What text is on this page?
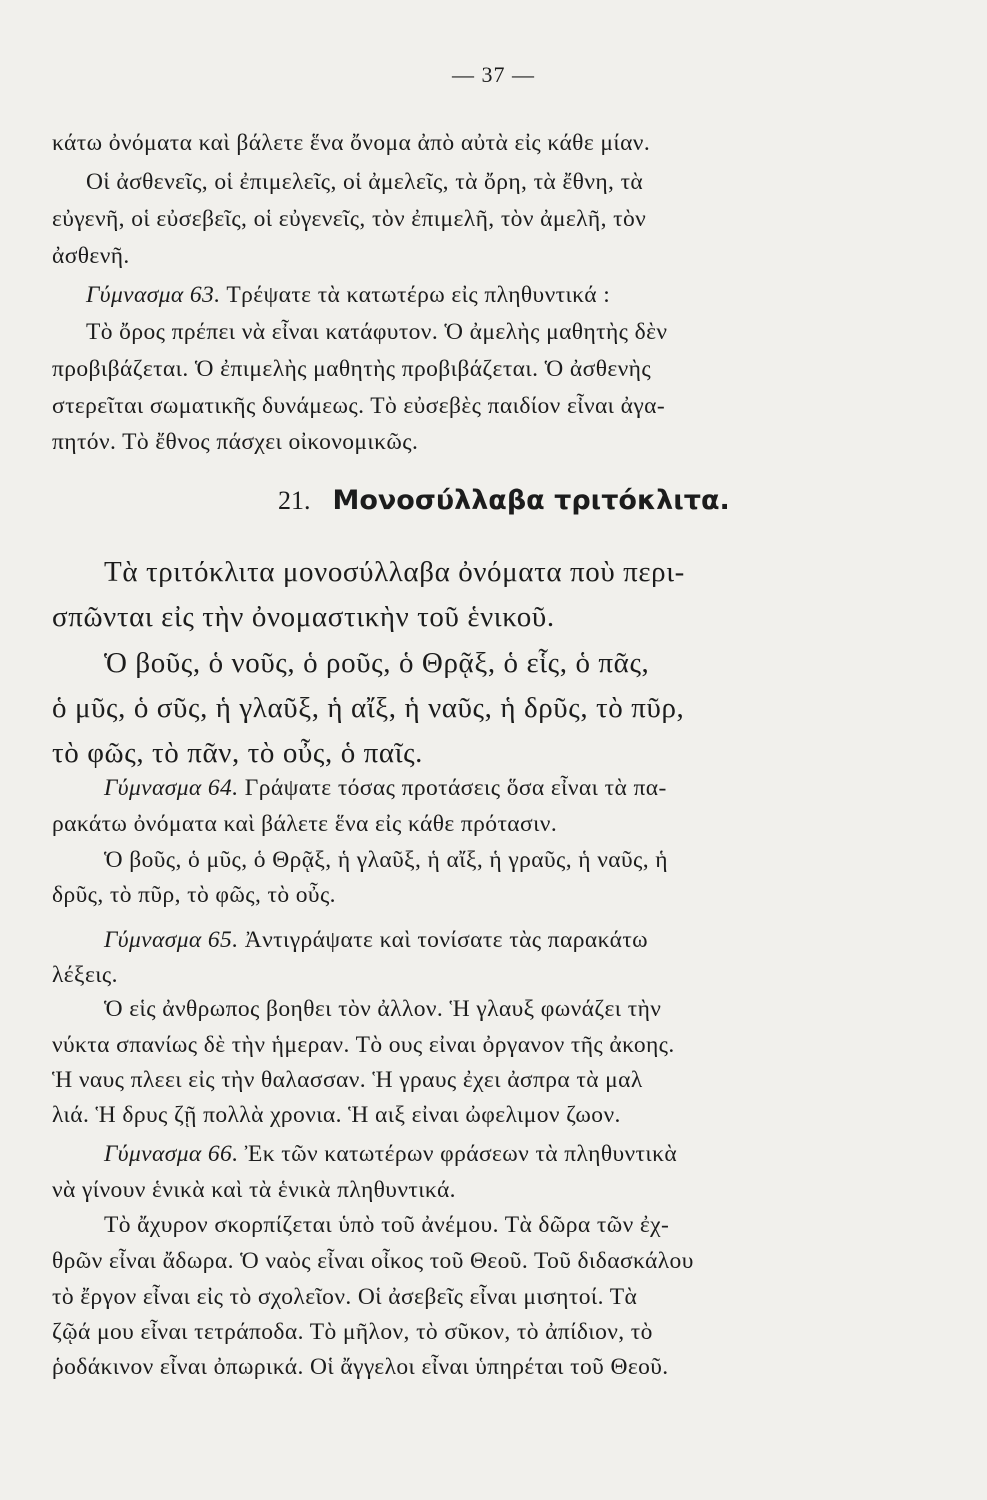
— 37 —
κάτω ὀνόματα καὶ βάλετε ἕνα ὄνομα ἀπὸ αὐτὰ εἰς κάθε μίαν.
Οἱ ἀσθενεῖς, οἱ ἐπιμελεῖς, οἱ ἀμελεῖς, τὰ ὄρη, τὰ ἔθνη, τὰ
εὐγενῆ, οἱ εὐσεβεῖς, οἱ εὐγενεῖς, τὸν ἐπιμελῆ, τὸν ἀμελῆ, τὸν
ἀσθενῆ.
Γύμνασμα 63. Τρέψατε τὰ κατωτέρω εἰς πληθυντικά :
Τὸ ὄρος πρέπει νὰ εἶναι κατάφυτον. Ὁ ἀμελὴς μαθητὴς δὲν
προβιβάζεται. Ὁ ἐπιμελὴς μαθητὴς προβιβάζεται. Ὁ ἀσθενὴς
στερεῖται σωματικῆς δυνάμεως. Τὸ εὐσεβὲς παιδίον εἶναι ἀγα-
πητόν. Τὸ ἔθνος πάσχει οἰκονομικῶς.
21. Μονοσύλλαβα τριτόκλιτα.
Τὰ τριτόκλιτα μονοσύλλαβα ὀνόματα ποὺ περι-
σπῶνται εἰς τὴν ὀνομαστικὴν τοῦ ἑνικοῦ.
Ὁ βοῦς, ὁ νοῦς, ὁ ροῦς, ὁ Θρᾷξ, ὁ εἷς, ὁ πᾶς,
ὁ μῦς, ὁ σῦς, ἡ γλαῦξ, ἡ αἴξ, ἡ ναῦς, ἡ δρῦς, τὸ πῦρ,
τὸ φῶς, τὸ πᾶν, τὸ οὖς, ὁ παῖς.
Γύμνασμα 64. Γράψατε τόσας προτάσεις ὅσα εἶναι τὰ πα-
ρακάτω ὀνόματα καὶ βάλετε ἕνα εἰς κάθε πρότασιν.
Ὁ βοῦς, ὁ μῦς, ὁ Θρᾷξ, ἡ γλαῦξ, ἡ αἴξ, ἡ γραῦς, ἡ ναῦς, ἡ
δρῦς, τὸ πῦρ, τὸ φῶς, τὸ οὖς.
Γύμνασμα 65. Ἀντιγράψατε καὶ τονίσατε τὰς παρακάτω
λέξεις.
Ὁ εἱς ἀνθρωπος βοηθει τὸν ἀλλον. Ἡ γλαυξ φωνάζει τὴν
νύκτα σπανίως δὲ τὴν ἡμεραν. Τὸ ους εἰναι ὀργανον τῆς ἀκοης.
Ἡ ναυς πλεει εἰς τὴν θαλασσαν. Ἡ γραυς ἐχει ἀσπρα τὰ μαλ
λιά. Ἡ δρυς ζῇ πολλὰ χρονια. Ἡ αιξ εἰναι ὠφελιμον ζωον.
Γύμνασμα 66. Ἐκ τῶν κατωτέρων φράσεων τὰ πληθυντικὰ
νὰ γίνουν ἑνικὰ καὶ τὰ ἑνικὰ πληθυντικά.
Τὸ ἄχυρον σκορπίζεται ὑπὸ τοῦ ἀνέμου. Τὰ δῶρα τῶν ἐχ-
θρῶν εἶναι ἄδωρα. Ὁ ναὸς εἶναι οἶκος τοῦ Θεοῦ. Τοῦ διδασκάλου
τὸ ἔργον εἶναι εἰς τὸ σχολεῖον. Οἱ ἀσεβεῖς εἶναι μισητοί. Τὰ
ζῷά μου εἶναι τετράποδα. Τὸ μῆλον, τὸ σῦκον, τὸ ἀπίδιον, τὸ
ῥοδάκινον εἶναι ὀπωρικά. Οἱ ἄγγελοι εἶναι ὑπηρέται τοῦ Θεοῦ.
